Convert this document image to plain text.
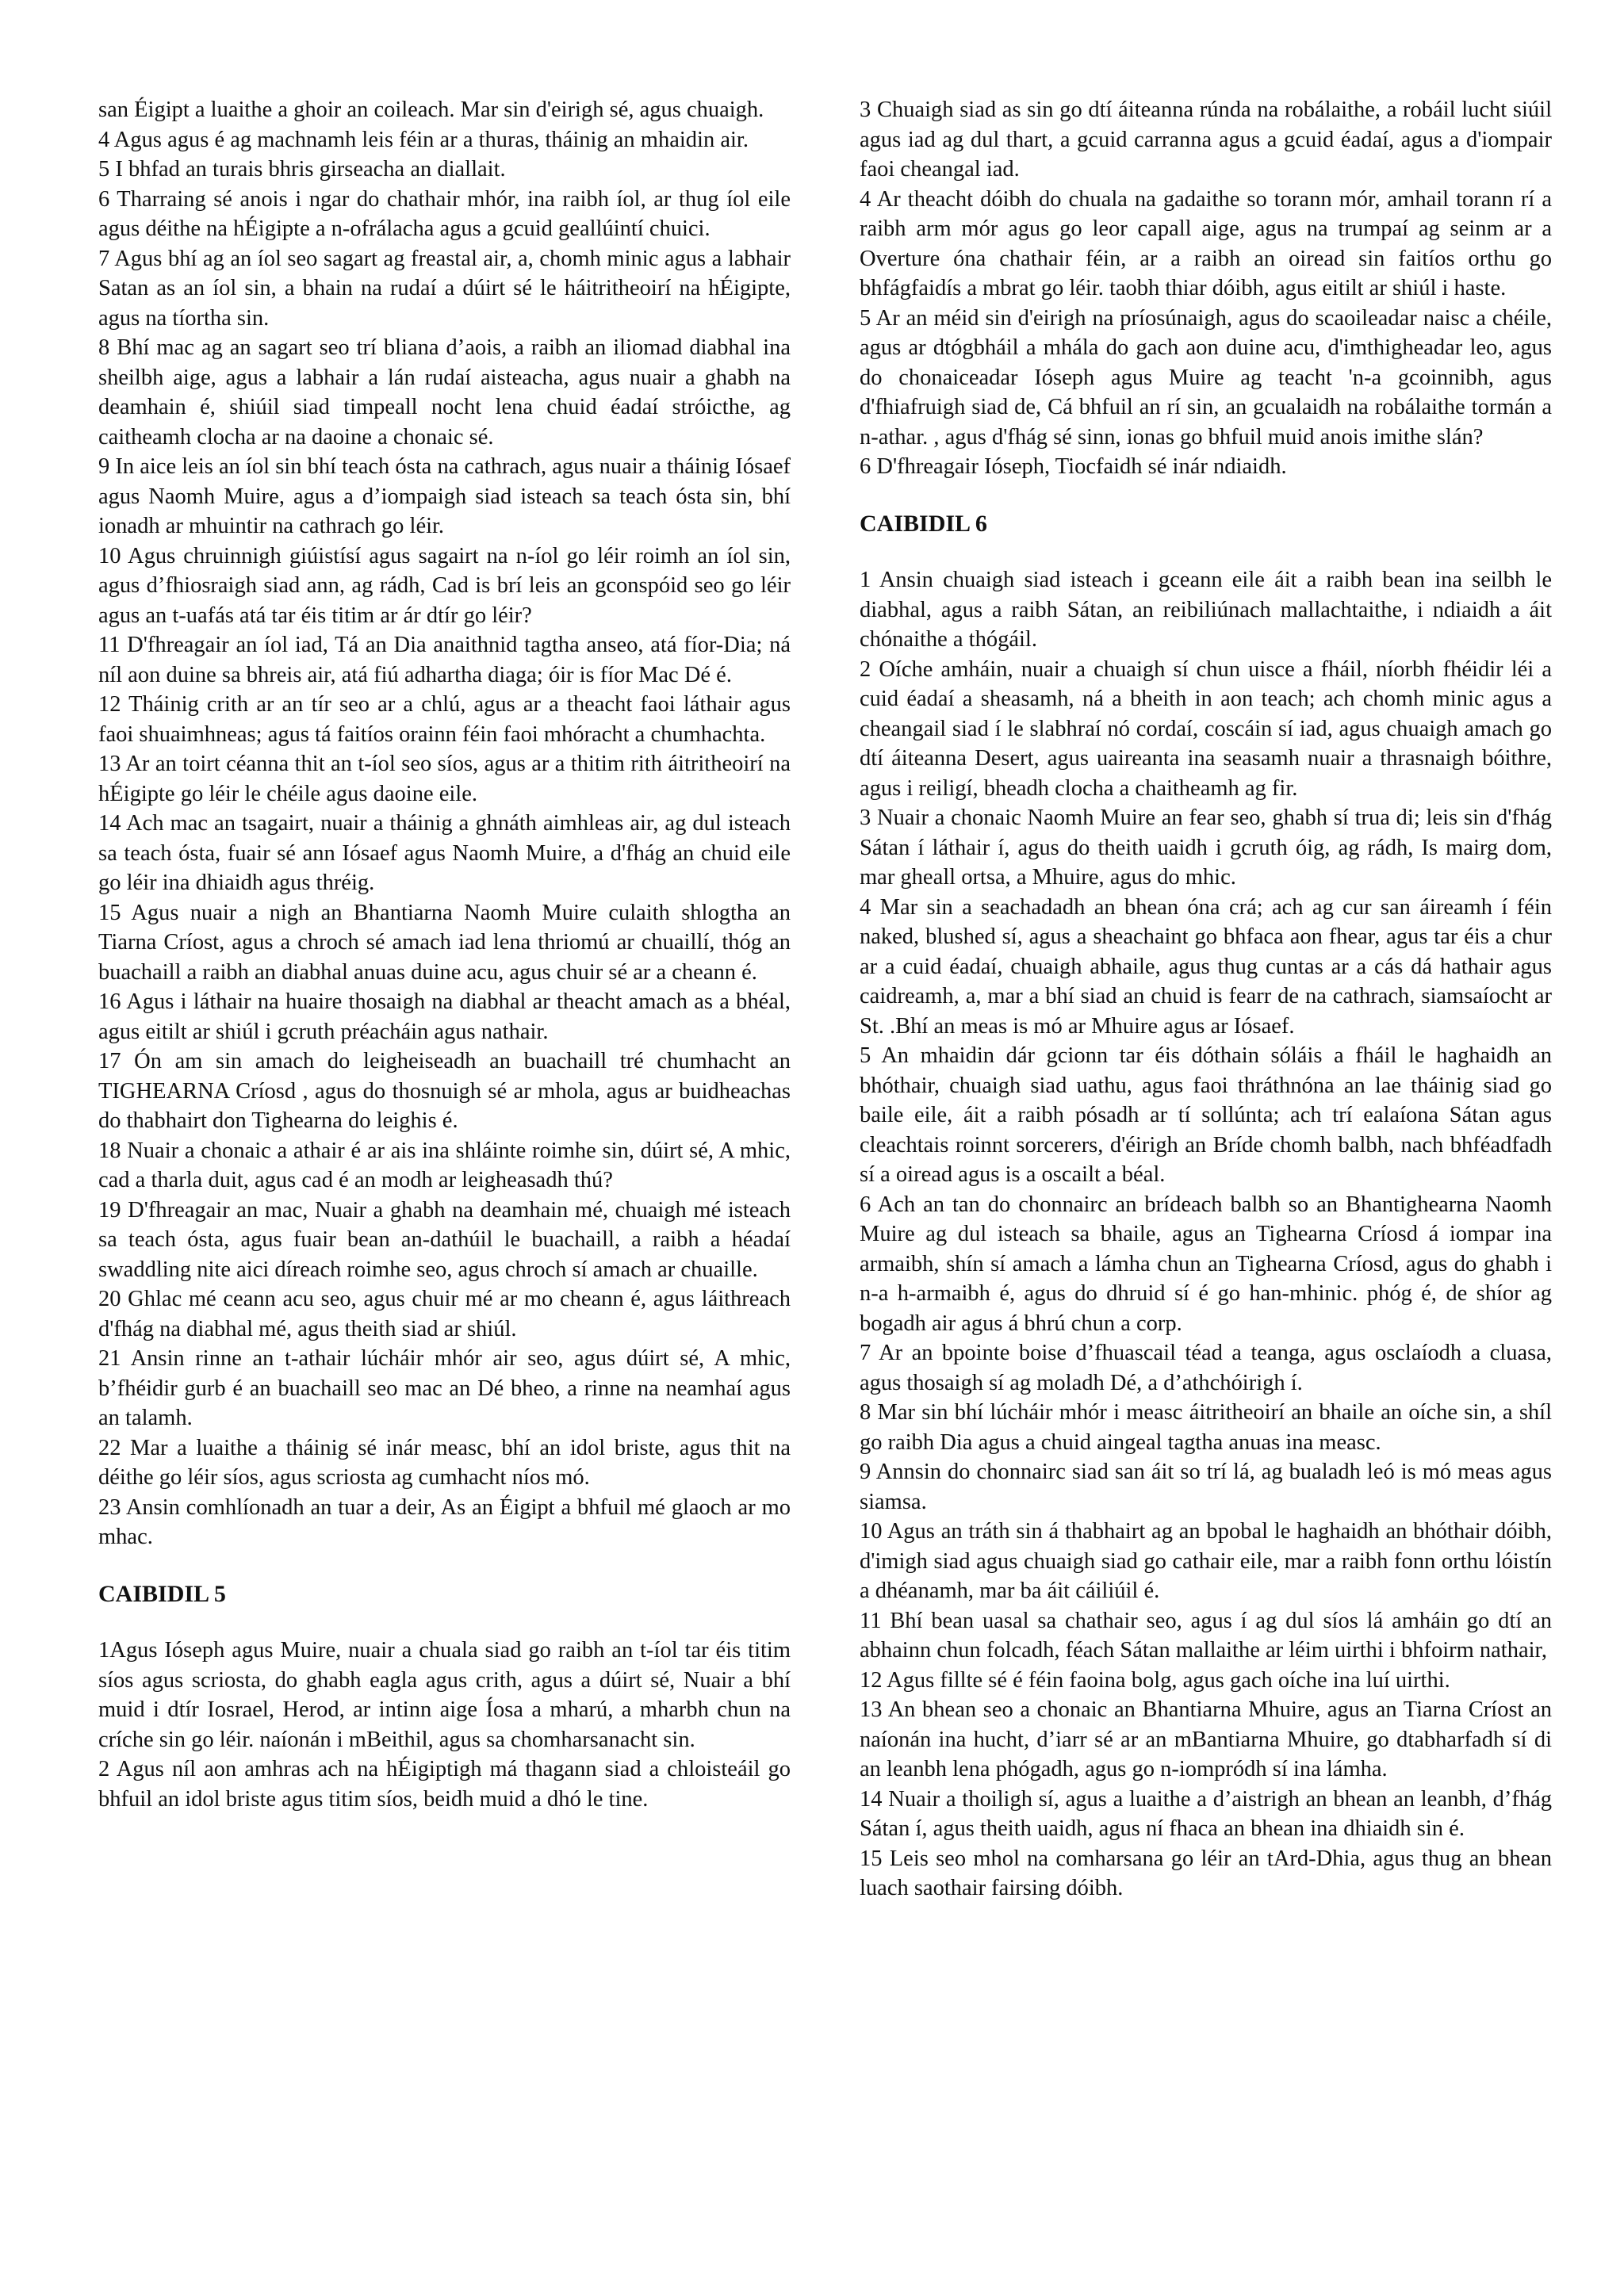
san Éigipt a luaithe a ghoir an coileach. Mar sin d'eirigh sé, agus chuaigh.

4 Agus agus é ag machnamh leis féin ar a thuras, tháinig an mhaidin air.

5 I bhfad an turais bhris girseacha an diallait.

6 Tharraing sé anois i ngar do chathair mhór, ina raibh íol, ar thug íol eile agus déithe na hÉigipte a n-ofrálacha agus a gcuid geallúintí chuici.

7 Agus bhí ag an íol seo sagart ag freastal air, a, chomh minic agus a labhair Satan as an íol sin, a bhain na rudaí a dúirt sé le háitritheoirí na hÉigipte, agus na tíortha sin.

8 Bhí mac ag an sagart seo trí bliana d’aois, a raibh an iliomad diabhal ina sheilbh aige, agus a labhair a lán rudaí aisteacha, agus nuair a ghabh na deamhain é, shiúil siad timpeall nocht lena chuid éadaí stróicthe, ag caitheamh clocha ar na daoine a chonaic sé.

9 In aice leis an íol sin bhí teach ósta na cathrach, agus nuair a tháinig Iósaef agus Naomh Muire, agus a d’iompaigh siad isteach sa teach ósta sin, bhí ionadh ar mhuintir na cathrach go léir.

10 Agus chruinnigh giúistísí agus sagairt na n-íol go léir roimh an íol sin, agus d’fhiosraigh siad ann, ag rádh, Cad is brí leis an gconspóid seo go léir agus an t-uafás atá tar éis titim ar ár dtír go léir?

11 D'fhreagair an íol iad, Tá an Dia anaithnid tagtha anseo, atá fíor-Dia; ná níl aon duine sa bhreis air, atá fiú adhartha diaga; óir is fíor Mac Dé é.

12 Tháinig crith ar an tír seo ar a chlú, agus ar a theacht faoi láthair agus faoi shuaimhneas; agus tá faitíos orainn féin faoi mhóracht a chumhachta.

13 Ar an toirt céanna thit an t-íol seo síos, agus ar a thitim rith áitritheoirí na hÉigipte go léir le chéile agus daoine eile.

14 Ach mac an tsagairt, nuair a tháinig a ghnáth aimhleas air, ag dul isteach sa teach ósta, fuair sé ann Iósaef agus Naomh Muire, a d'fhág an chuid eile go léir ina dhiaidh agus thréig.

15 Agus nuair a nigh an Bhantiarna Naomh Muire culaith shlogtha an Tiarna Críost, agus a chroch sé amach iad lena thriomú ar chuaillí, thóg an buachaill a raibh an diabhal anuas duine acu, agus chuir sé ar a cheann é.

16 Agus i láthair na huaire thosaigh na diabhal ar theacht amach as a bhéal, agus eitilt ar shiúl i gcruth préacháin agus nathair.

17 Ón am sin amach do leigheiseadh an buachaill tré chumhacht an TIGHEARNA Críosd , agus do thosnuigh sé ar mhola, agus ar buidheachas do thabhairt don Tighearna do leighis é.

18 Nuair a chonaic a athair é ar ais ina shláinte roimhe sin, dúirt sé, A mhic, cad a tharla duit, agus cad é an modh ar leigheasadh thú?

19 D'fhreagair an mac, Nuair a ghabh na deamhain mé, chuaigh mé isteach sa teach ósta, agus fuair bean an-dathúil le buachaill, a raibh a héadaí swaddling nite aici díreach roimhe seo, agus chroch sí amach ar chuaille.

20 Ghlac mé ceann acu seo, agus chuir mé ar mo cheann é, agus láithreach d'fhág na diabhal mé, agus theith siad ar shiúl.

21 Ansin rinne an t-athair lúcháir mhór air seo, agus dúirt sé, A mhic, b’fhéidir gurb é an buachaill seo mac an Dé bheo, a rinne na neamhaí agus an talamh.

22 Mar a luaithe a tháinig sé inár measc, bhí an idol briste, agus thit na déithe go léir síos, agus scriosta ag cumhacht níos mó.

23 Ansin comhlíonadh an tuar a deir, As an Éigipt a bhfuil mé glaoch ar mo mhac.

CAIBIDIL 5

1Agus Ióseph agus Muire, nuair a chuala siad go raibh an t-íol tar éis titim síos agus scriosta, do ghabh eagla agus crith, agus a dúirt sé, Nuair a bhí muid i dtír Iosrael, Herod, ar intinn aige Íosa a mharú, a mharbh chun na críche sin go léir. naíonán i mBeithil, agus sa chomharsanacht sin.

2 Agus níl aon amhras ach na hÉigiptigh má thagann siad a chloisteáil go bhfuil an idol briste agus titim síos, beidh muid a dhó le tine.

3 Chuaigh siad as sin go dtí áiteanna rúnda na robálaithe, a robáil lucht siúil agus iad ag dul thart, a gcuid carranna agus a gcuid éadaí, agus a d'iompair faoi cheangal iad.

4 Ar theacht dóibh do chuala na gadaithe so torann mór, amhail torann rí a raibh arm mór agus go leor capall aige, agus na trumpaí ag seinm ar a Overture óna chathair féin, ar a raibh an oiread sin faitíos orthu go bhfágfaidís a mbrat go léir. taobh thiar dóibh, agus eitilt ar shiúl i haste.

5 Ar an méid sin d'eirigh na príosúnaigh, agus do scaoileadar naisc a chéile, agus ar dtógbháil a mhála do gach aon duine acu, d'imthigheadar leo, agus do chonaiceadar Ióseph agus Muire ag teacht 'n-a gcoinnibh, agus d'fhiafruigh siad de, Cá bhfuil an rí sin, an gcualaidh na robálaithe tormán a n-athar. , agus d'fhág sé sinn, ionas go bhfuil muid anois imithe slán?

6 D'fhreagair Ióseph, Tiocfaidh sé inár ndiaidh.

CAIBIDIL 6

1 Ansin chuaigh siad isteach i gceann eile áit a raibh bean ina seilbh le diabhal, agus a raibh Sátan, an reibiliúnach mallachtaithe, i ndiaidh a áit chónaithe a thógáil.

2 Oíche amháin, nuair a chuaigh sí chun uisce a fháil, níorbh fhéidir léi a cuid éadaí a sheasamh, ná a bheith in aon teach; ach chomh minic agus a cheangail siad í le slabhraí nó cordaí, coscáin sí iad, agus chuaigh amach go dtí áiteanna Desert, agus uaireanta ina seasamh nuair a thrasnaigh bóithre, agus i reiligí, bheadh clocha a chaitheamh ag fir.

3 Nuair a chonaic Naomh Muire an fear seo, ghabh sí trua di; leis sin d'fhág Sátan í láthair í, agus do theith uaidh i gcruth óig, ag rádh, Is mairg dom, mar gheall ortsa, a Mhuire, agus do mhic.

4 Mar sin a seachadadh an bhean óna crá; ach ag cur san áireamh í féin naked, blushed sí, agus a sheachaint go bhfaca aon fhear, agus tar éis a chur ar a cuid éadaí, chuaigh abhaile, agus thug cuntas ar a cás dá hathair agus caidreamh, a, mar a bhí siad an chuid is fearr de na cathrach, siamsaíocht ar St. .Bhí an meas is mó ar Mhuire agus ar Iósaef.

5 An mhaidin dár gcionn tar éis dóthain sóláis a fháil le haghaidh an bhóthair, chuaigh siad uathu, agus faoi thráthnóna an lae tháinig siad go baile eile, áit a raibh pósadh ar tí sollúnta; ach trí ealaíona Sátan agus cleachtais roinnt sorcerers, d'éirigh an Bríde chomh balbh, nach bhféadfadh sí a oiread agus is a oscailt a béal.

6 Ach an tan do chonnairc an brídeach balbh so an Bhantighearna Naomh Muire ag dul isteach sa bhaile, agus an Tighearna Críosd á iompar ina armaibh, shín sí amach a lámha chun an Tighearna Críosd, agus do ghabh i n-a h-armaibh é, agus do dhruid sí é go han-mhinic. phóg é, de shíor ag bogadh air agus á bhrú chun a corp.

7 Ar an bpointe boise d’fhuascail téad a teanga, agus osclaíodh a cluasa, agus thosaigh sí ag moladh Dé, a d’athchóirigh í.

8 Mar sin bhí lúcháir mhór i measc áitritheoirí an bhaile an oíche sin, a shíl go raibh Dia agus a chuid aingeal tagtha anuas ina measc.

9 Annsin do chonnairc siad san áit so trí lá, ag bualadh leó is mó meas agus siamsa.

10 Agus an tráth sin á thabhairt ag an bpobal le haghaidh an bhóthair dóibh, d'imigh siad agus chuaigh siad go cathair eile, mar a raibh fonn orthu lóistín a dhéanamh, mar ba áit cáiliúil é.

11 Bhí bean uasal sa chathair seo, agus í ag dul síos lá amháin go dtí an abhainn chun folcadh, féach Sátan mallaithe ar léim uirthi i bhfoirm nathair,

12 Agus fillte sé é féin faoina bolg, agus gach oíche ina luí uirthi.

13 An bhean seo a chonaic an Bhantiarna Mhuire, agus an Tiarna Críost an naíonán ina hucht, d’iarr sé ar an mBantiarna Mhuire, go dtabharfadh sí di an leanbh lena phógadh, agus go n-iompródh sí ina lámha.

14 Nuair a thoiligh sí, agus a luaithe a d’aistrigh an bhean an leanbh, d’fhág Sátan í, agus theith uaidh, agus ní fhaca an bhean ina dhiaidh sin é.

15 Leis seo mhol na comharsana go léir an tArd-Dhia, agus thug an bhean luach saothair fairsing dóibh.
